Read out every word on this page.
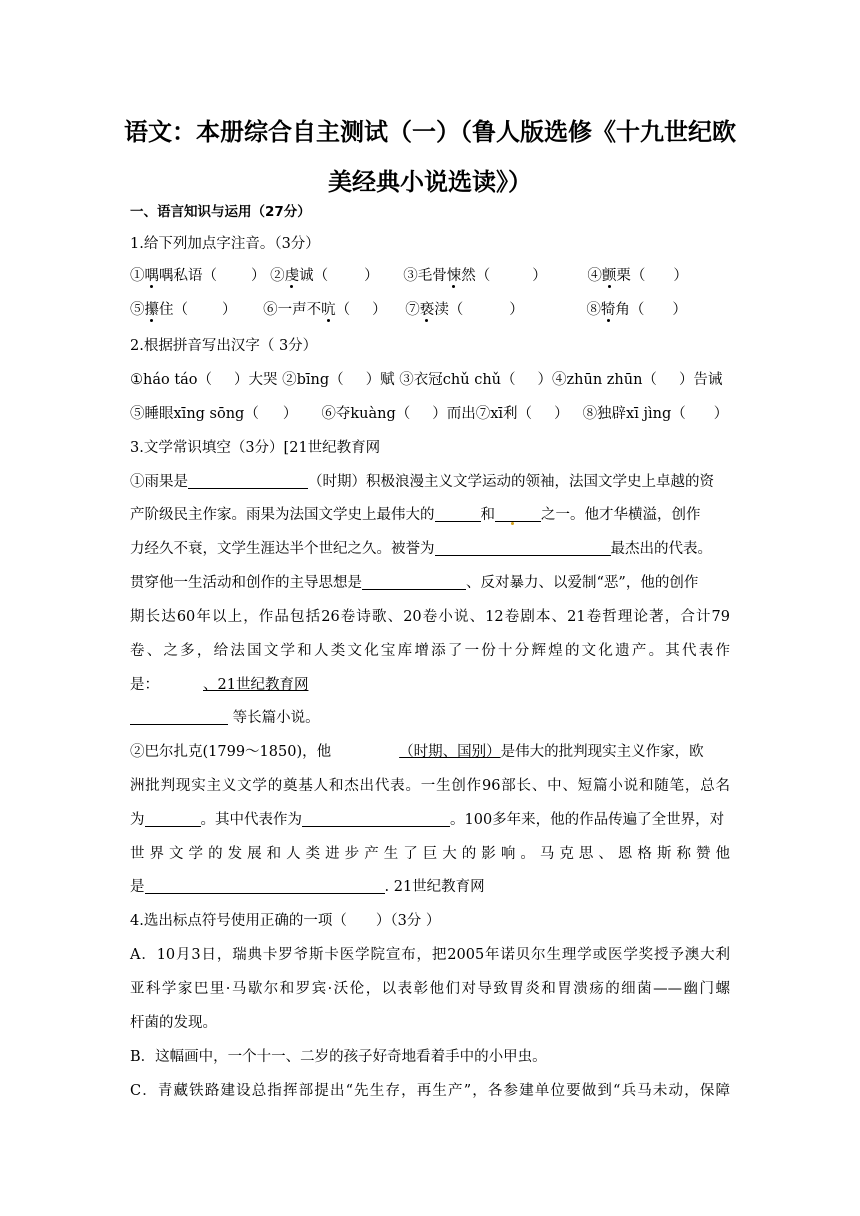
语文：本册综合自主测试（一）（鲁人版选修《十九世纪欧
美经典小说选读》）
一、语言知识与运用（27分）
1.给下列加点字注音。（3分）
①喁喁私语（ ） ②虔诚（ ） ③毛骨悚然（	）	④颤栗（ ）
⑤攥住（ ） ⑥一声不吭（ ） ⑦亵渎（	）	⑧犄角（ ）
2.根据拼音写出汉字（ 3分）
①háo táo（ ）大哭 ②bīng（ ）赋 ③衣冠chǔ chǔ（ ）④zhūn zhūn（ ）告诫
⑤睡眼xīng sōng（ ） ⑥夺kuàng（ ）而出⑦xī利（ ） ⑧独辟xī jìng（ ）
3.文学常识填空（3分）[21世纪教育网
①雨果是	（时期）积极浪漫主义文学运动的领袖，法国文学史上卓越的资
产阶级民主作家。雨果为法国文学史上最伟大的	和	之一。他才华横溢，创作
力经久不衰，文学生涯达半个世纪之久。被誉为	最杰出的代表。
贯穿他一生活动和创作的主导思想是	、反对暴力、以爱制“恶”，他的创作
期长达60年以上，作品包括26卷诗歌、20卷小说、12卷剧本、21卷哲理论著，合计79
卷、之多，给法国文学和人类文化宝库增添了一份十分辉煌的文化遗产。其代表作
是：	、21世纪教育网
等长篇小说。
②巴尔扎克(1799～1850)，他	（时期、国别）是伟大的批判现实主义作家，欧
洲批判现实主义文学的奠基人和杰出代表。一生创作96部长、中、短篇小说和随笔，总名
为	。其中代表作为	。100多年来，他的作品传遍了全世界，对
世界文学的发展和人类进步产生了巨大的影响。马克思、恩格斯称赞他
是	. 21世纪教育网
4.选出标点符号使用正确的一项（　　）（3分 ）
A．10月3日，瑞典卡罗爷斯卡医学院宣布，把2005年诺贝尔生理学或医学奖授予澳大利
亚科学家巴里·马歇尔和罗宾·沃伦，以表彰他们对导致胃炎和胃溃疡的细菌——幽门螺
杆菌的发现。
B．这幅画中，一个十一、二岁的孩子好奇地看着手中的小甲虫。
C．青藏铁路建设总指挥部提出“先生存，再生产”，各参建单位要做到“兵马未动，保障
